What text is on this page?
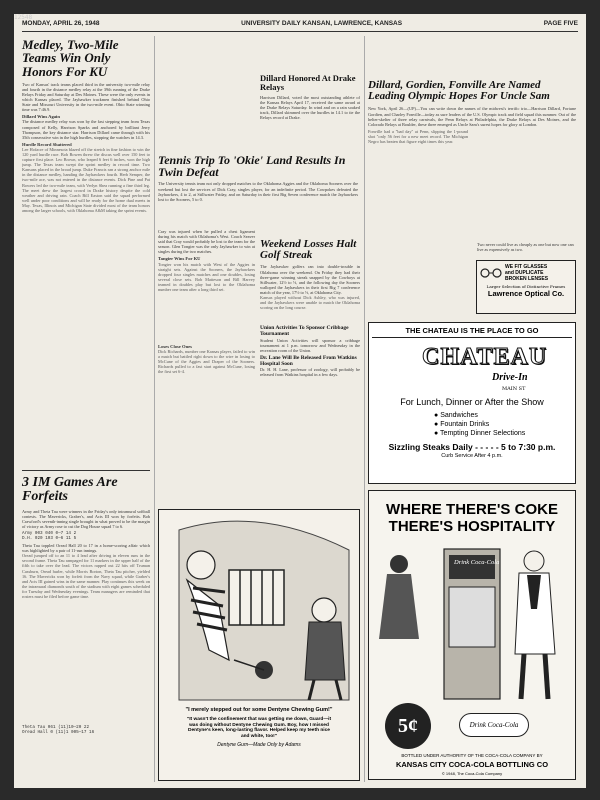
12548
MONDAY, APRIL 26, 1948	UNIVERSITY DAILY KANSAN, LAWRENCE, KANSAS	PAGE FIVE
Medley, Two-Mile Teams Win Only Honors For KU
Two of Kansas' track teams placed third in the university two-mile relay and fourth in the distance medley relay at the 39th running of the Drake Relays Friday and Saturday at Des Moines. These were the only events in which Kansas placed. The Jayhawker trackmen finished behind Ohio State and Missouri University in the two-mile event. Ohio State winning time was 7:46.9.
Dillard Wins Again
The distance medley relay was won by the fast stepping team from Texas composed of Kelly, Harrison Sparks and anchored by brilliant Jerry Thompson, the key distance star. Harrison Dillard came through with his 35th consecutive win in the high hurdles, stopping the watches in 14.3.
Hurdle Record Shattered
Lee Hofacre of Minnesota blazed off the stretch in fine fashion to win the 120 yard hurdle race. Bob Bowen threw the discus well over 150 feet to capture first place. Leo Brown, who leaped 6 feet 6 inches, won the high jump. The Texas team swept the sprint medley in record time. Two Kansans placed in the broad jump. Duke Francis ran a strong anchor mile in the distance medley, handing the Jayhawkers fourth. Herb Semper, the two-mile ace, was not entered in the distance events. Dick Pine and Pat Bowers led the two-mile team, with Verlyn Shea running a fine third leg. The meet drew the largest crowd in Drake history despite the cold weather and driving rain. Coach Bill Easton said the squad performed well under poor conditions and will be ready for the home dual meets in May. Texas, Illinois and Michigan State divided most of the team honors among the larger schools, with Oklahoma A&M taking the sprint events.
3 IM Games Are Forfeits
Army and Theta Tau were winners in the Friday's only intramural softball contests. The Mavericks, Graber's, and Acts III won by forfeits. Bob Crawford's seventh-inning single brought in what proved to be the margin of victory as Army rose to cut the Dog House squad 7 to 6.
Army 003 040 0—7 14 2
D.H. 020 103 0—6 11 5
Theta Tau toppled Oread Hall 20 to 17 in a home-scoring affair which was highlighted by a pair of 11-run innings.
Oread jumped off to an 11 to 4 lead after driving in eleven runs in the second frame. Theta Tau rampaged for 11 markers in the upper half of the fifth to take over the lead. The victors rapped out 22 hits off Truman Cassburn, Oread hurler, while Morris Borton, Theta Tau pitcher, yielded 16. The Mavericks won by forfeit from the Navy squad, while Graber's and Acts III gained wins in the same manner. Play continues this week on the intramural diamonds south of the stadium with eight games scheduled for Tuesday and Wednesday evenings. Team managers are reminded that rosters must be filed before game time.
Theta Tau 061 (11)10—20 22
Oread Hall 0 (11)1 005—17 16
Dillard Honored At Drake Relays
Harrison Dillard, voted the most outstanding athlete of the Kansas Relays April 17, received the same award at the Drake Relays Saturday. In wind and on a rain soaked track, Dillard skimmed over the hurdles in 14.1 to tie the Relays record at Drake.
Tennis Trip To 'Okie' Land Results In Twin Defeat
The University tennis team not only dropped matches to the Oklahoma Aggies and the Oklahoma Sooners over the weekend but lost the services of Dick Cray, singles player, for an indefinite period. The Cowpokes defeated the Jayhawkers, 4 to 2, at Stillwater Friday, and on Saturday in their first Big Seven conference match the Jayhawkers lost to the Sooners, 5 to 0.
Cray was injured when he pulled a chest ligament during his match with Oklahoma's West. Coach Seaver said that Cray would probably be lost to the team for the season. Glen Tongier was the only Jayhawker to win at singles during the two matches.
Tangier Wins For KU
Tongier won his match with West of the Aggies in straight sets. Against the Sooners, the Jayhawkers dropped four singles matches and one doubles, losing several close sets. Bob Matteson and Bill Harvey teamed in doubles play but lost to the Oklahoma number one team after a long third set.
Loses Close Ones
Dick Richards, number one Kansas player, failed to win a match but battled right down to the wire in losing to McCune of the Aggies and Draper of the Sooners. Richards pulled to a fast start against McCune, losing the first set 6-4.
Weekend Losses Halt Golf Streak
The Jayhawker golfers ran into double-trouble in Oklahoma over the weekend. On Friday they had their three-game winning streak snapped by the Cowboys at Stillwater, 12½ to ½, and the following day the Sooners walloped the Jayhawkers in their first Big 7 conference match of the year, 17½ to ½, at Oklahoma City.
Kansas played without Dick Ashley, who was injured, and the Jayhawkers were unable to match the Oklahoma scoring on the long course.
Union Activities To Sponsor Cribbage Tournament
Student Union Activities will sponsor a cribbage tournament at 1 p.m. tomorrow and Wednesday in the recreation room of the Union.
Dr. Lane Will Be Released From Watkins Hospital Soon
Dr. H. H. Lane, professor of zoology, will probably be released from Watkins hospital in a few days.
"I merely stepped out for some Dentyne Chewing Gum!"
"It wasn't the confinement that was getting me down, Guard—it was doing without Dentyne Chewing Gum. Boy, how I missed Dentyne's keen, long-lasting flavor. Helped keep my teeth nice and white, too!"
Dentyne Gum—Made Only by Adams
Dillard, Gordien, Fonville Are Named Leading Olympic Hopes For Uncle Sam
New York, April 26—(UP)—You can write down the names of the midwest's terrific trio—Harrison Dillard, Fortune Gordien, and Charley Fonville—today as sure leaders of the U.S. Olympic track and field squad this summer. Out of the helter-skelter of three relay carnivals, the Penn Relays at Philadelphia, the Drake Relays at Des Moines, and the Colorado Relays at Boulder, these three emerged as Uncle Sam's surest hopes for glory at London.
Fonville had a "bad day" at Penn, slipping the 1-pound shot "only 56 feet for a new meet record. The Michigan Negro has beaten that figure eight times this year.
Two never could live as cheaply as one but now one can live as expensively as two.
WE FIT GLASSES
and DUPLICATE
BROKEN LENSES
Larger Selection of Distinctive Frames
Lawrence Optical Co.
THE CHATEAU IS THE PLACE TO GO
CHATEAU
Drive-In
MAIN ST
For Lunch, Dinner or After the Show
● Sandwiches
● Fountain Drinks
● Tempting Dinner Selections
Sizzling Steaks Daily - - - - - 5 to 7:30 p.m.
Curb Service After 4 p.m.
WHERE THERE'S COKE
THERE'S HOSPITALITY
Drink Coca-Cola
5¢	Drink Coca-Cola
BOTTLED UNDER AUTHORITY OF THE COCA-COLA COMPANY BY
KANSAS CITY COCA-COLA BOTTLING CO
© 1948, The Coca-Cola Company
